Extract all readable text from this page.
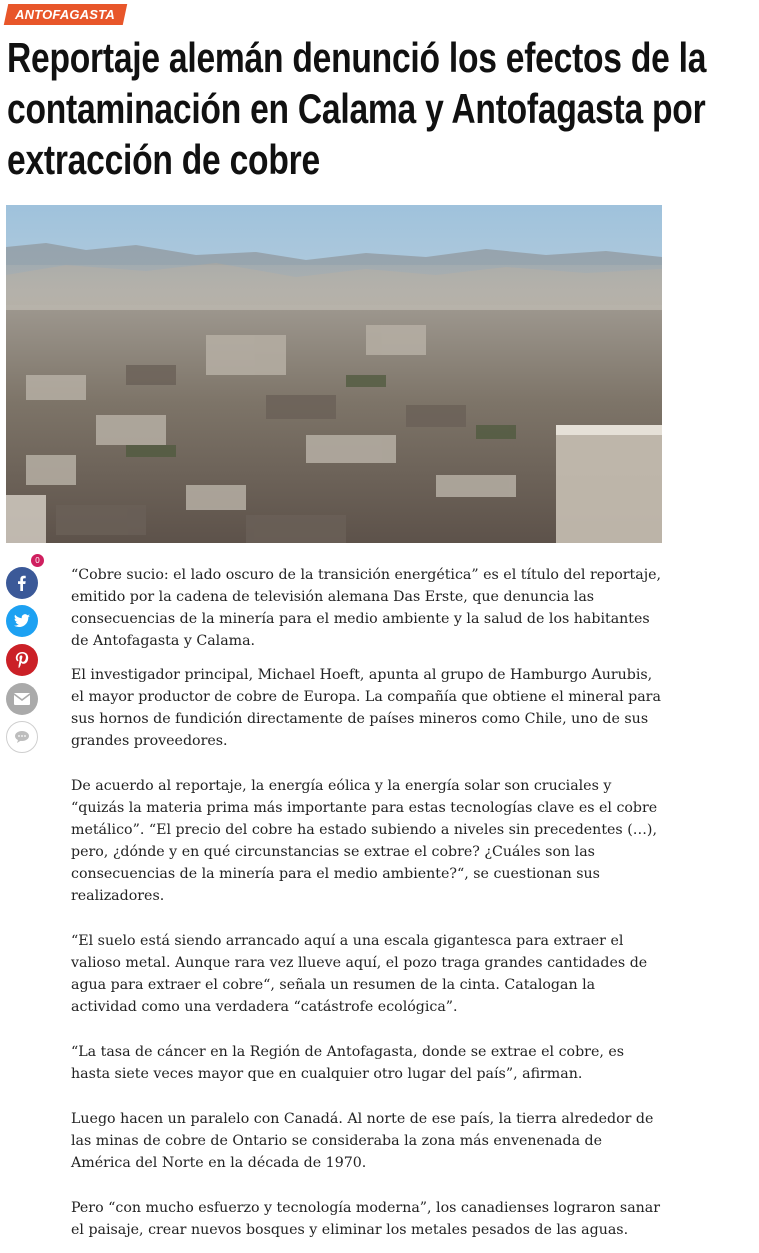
ANTOFAGASTA
Reportaje alemán denunció los efectos de la contaminación en Calama y Antofagasta por extracción de cobre
0

“Cobre sucio: el lado oscuro de la transición energética” es el título del reportaje, emitido por la cadena de televisión alemana Das Erste, que denuncia las consecuencias de la minería para el medio ambiente y la salud de los habitantes de Antofagasta y Calama.

El investigador principal, Michael Hoeft, apunta al grupo de Hamburgo Aurubis, el mayor productor de cobre de Europa. La compañía que obtiene el mineral para sus hornos de fundición directamente de países mineros como Chile, uno de sus grandes proveedores.

De acuerdo al reportaje, la energía eólica y la energía solar son cruciales y “quizás la materia prima más importante para estas tecnologías clave es el cobre metálico”. “El precio del cobre ha estado subiendo a niveles sin precedentes (…), pero, ¿dónde y en qué circunstancias se extrae el cobre? ¿Cuáles son las consecuencias de la minería para el medio ambiente?“, se cuestionan sus realizadores.

“El suelo está siendo arrancado aquí a una escala gigantesca para extraer el valioso metal. Aunque rara vez llueve aquí, el pozo traga grandes cantidades de agua para extraer el cobre“, señala un resumen de la cinta. Catalogan la actividad como una verdadera “catástrofe ecológica”.

“La tasa de cáncer en la Región de Antofagasta, donde se extrae el cobre, es hasta siete veces mayor que en cualquier otro lugar del país”, afirman.

Luego hacen un paralelo con Canadá. Al norte de ese país, la tierra alrededor de las minas de cobre de Ontario se consideraba la zona más envenenada de América del Norte en la década de 1970.

Pero “con mucho esfuerzo y tecnología moderna”, los canadienses lograron sanar el paisaje, crear nuevos bosques y eliminar los metales pesados de las aguas.
